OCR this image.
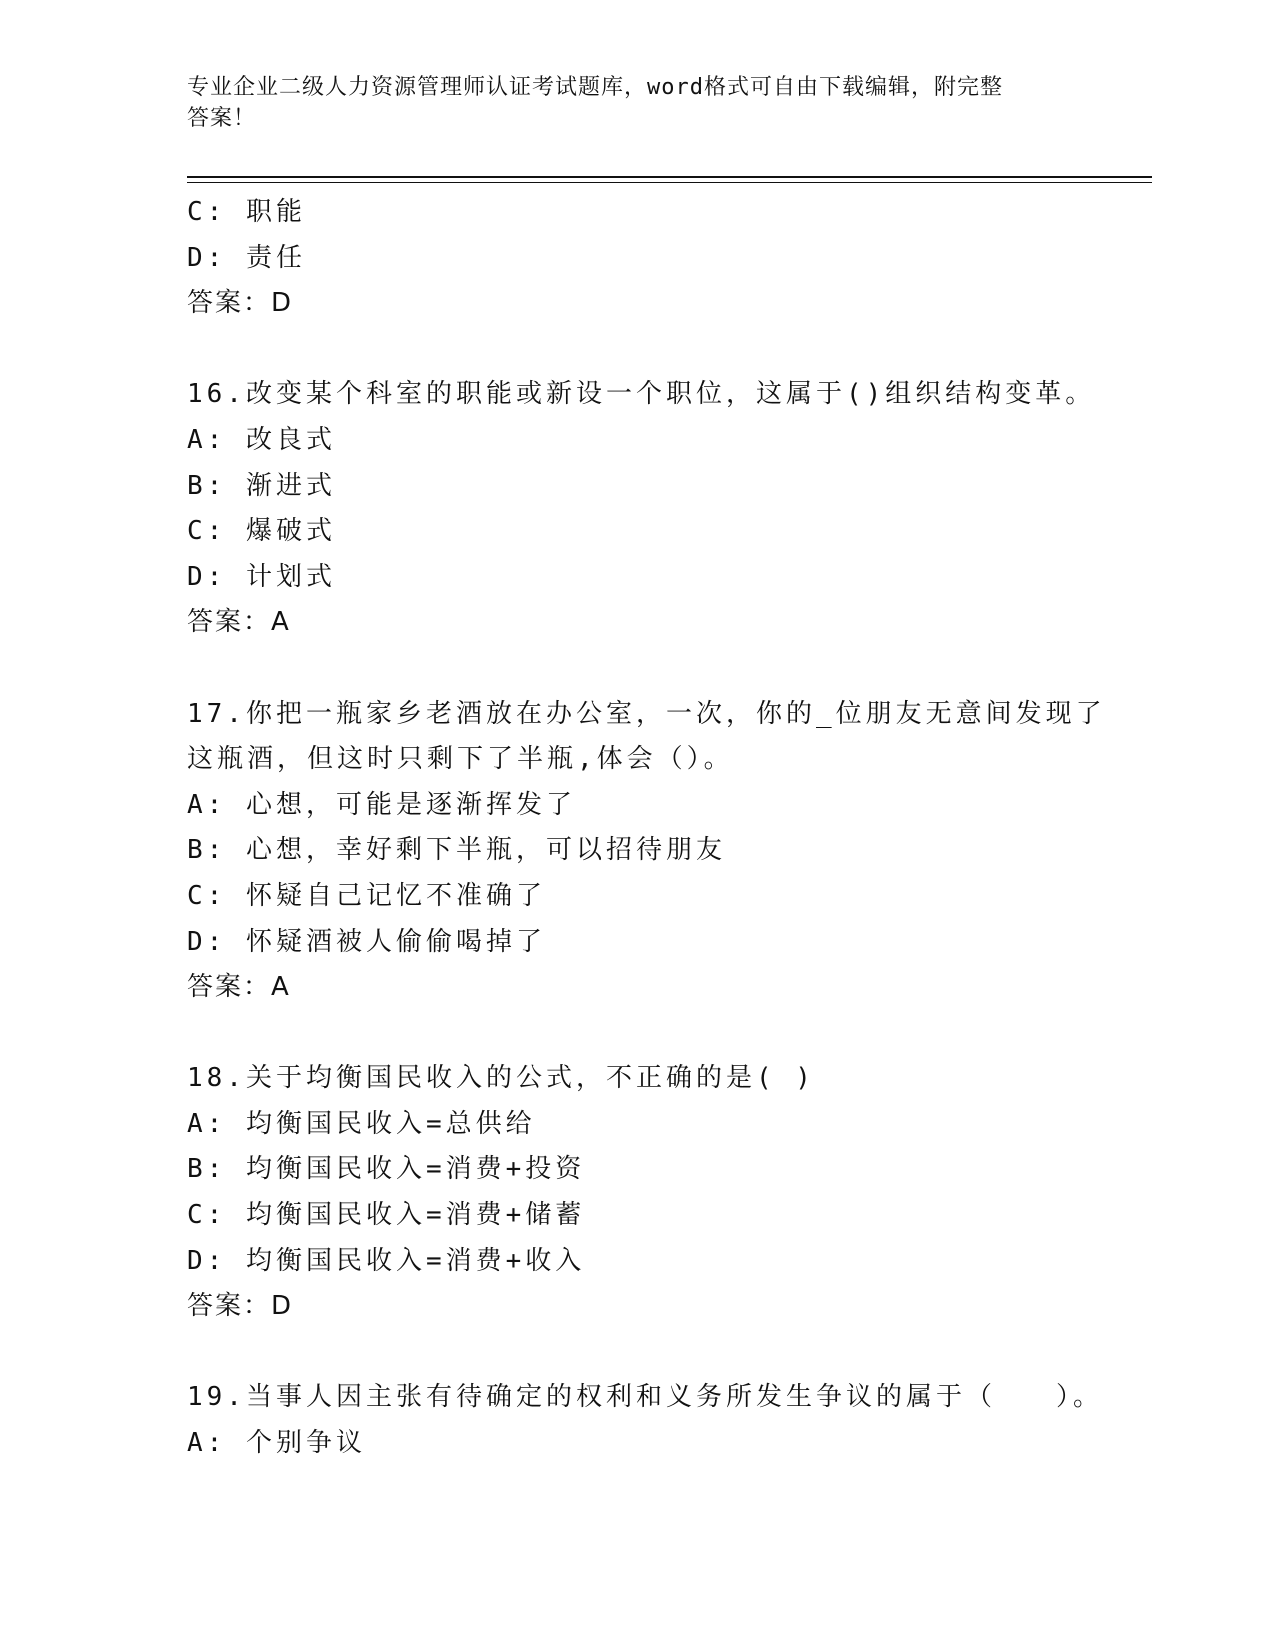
专业企业二级人力资源管理师认证考试题库，word格式可自由下载编辑，附完整
答案！
C: 职能
D: 责任
答案：D
16.改变某个科室的职能或新设一个职位，这属于()组织结构变革。
A: 改良式
B: 渐进式
C: 爆破式
D: 计划式
答案：A
17.你把一瓶家乡老酒放在办公室，一次，你的_位朋友无意间发现了
这瓶酒，但这时只剩下了半瓶,体会（）。
A: 心想，可能是逐渐挥发了
B: 心想，幸好剩下半瓶，可以招待朋友
C: 怀疑自己记忆不准确了
D: 怀疑酒被人偷偷喝掉了
答案：A
18.关于均衡国民收入的公式，不正确的是( )
A: 均衡国民收入=总供给
B: 均衡国民收入=消费+投资
C: 均衡国民收入=消费+储蓄
D: 均衡国民收入=消费+收入
答案：D
19.当事人因主张有待确定的权利和义务所发生争议的属于（　　）。
A: 个别争议
